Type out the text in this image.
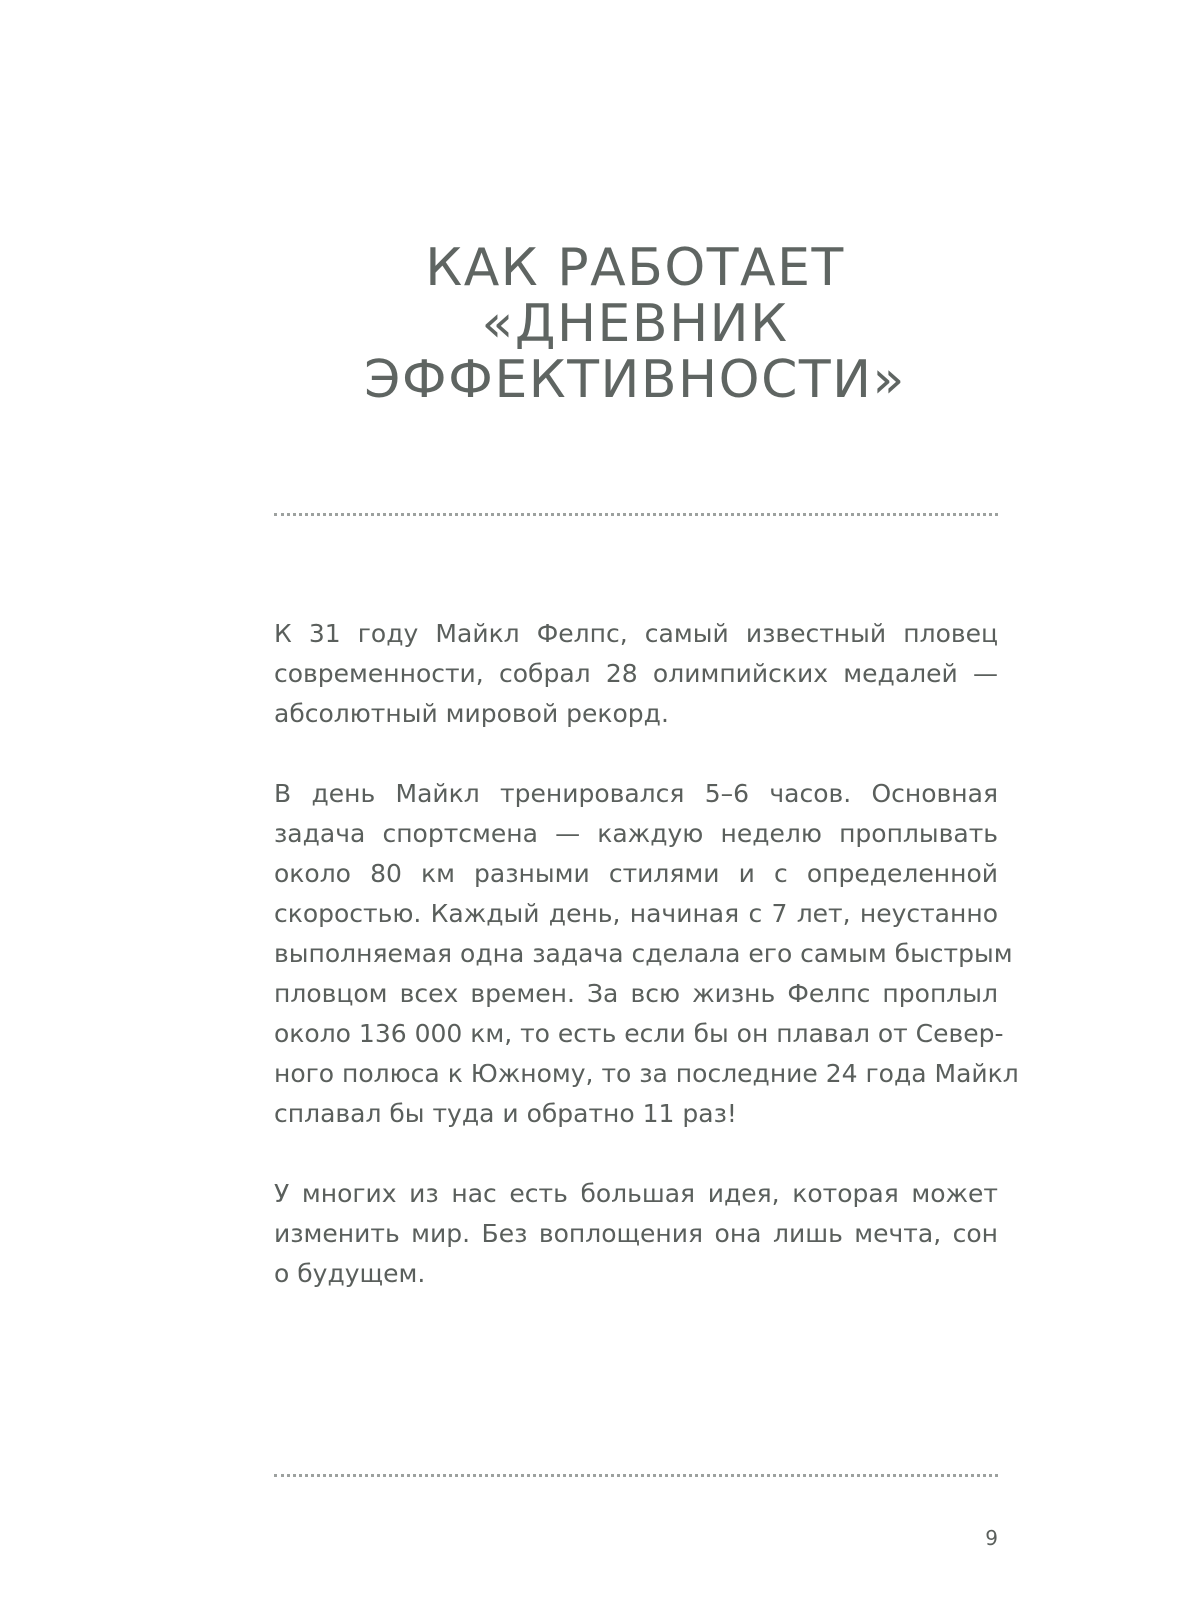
КАК РАБОТАЕТ
«ДНЕВНИК
ЭФФЕКТИВНОСТИ»

К 31 году Майкл Фелпс, самый известный пловец
современности, собрал 28 олимпийских медалей —
абсолютный мировой рекорд.

В день Майкл тренировался 5–6 часов. Основная
задача спортсмена — каждую неделю проплывать
около 80 км разными стилями и с определенной
скоростью. Каждый день, начиная с 7 лет, неустанно
выполняемая одна задача сделала его самым быстрым
пловцом всех времен. За всю жизнь Фелпс проплыл
около 136 000 км, то есть если бы он плавал от Север-
ного полюса к Южному, то за последние 24 года Майкл
сплавал бы туда и обратно 11 раз!

У многих из нас есть большая идея, которая может
изменить мир. Без воплощения она лишь мечта, сон
о будущем.

9
